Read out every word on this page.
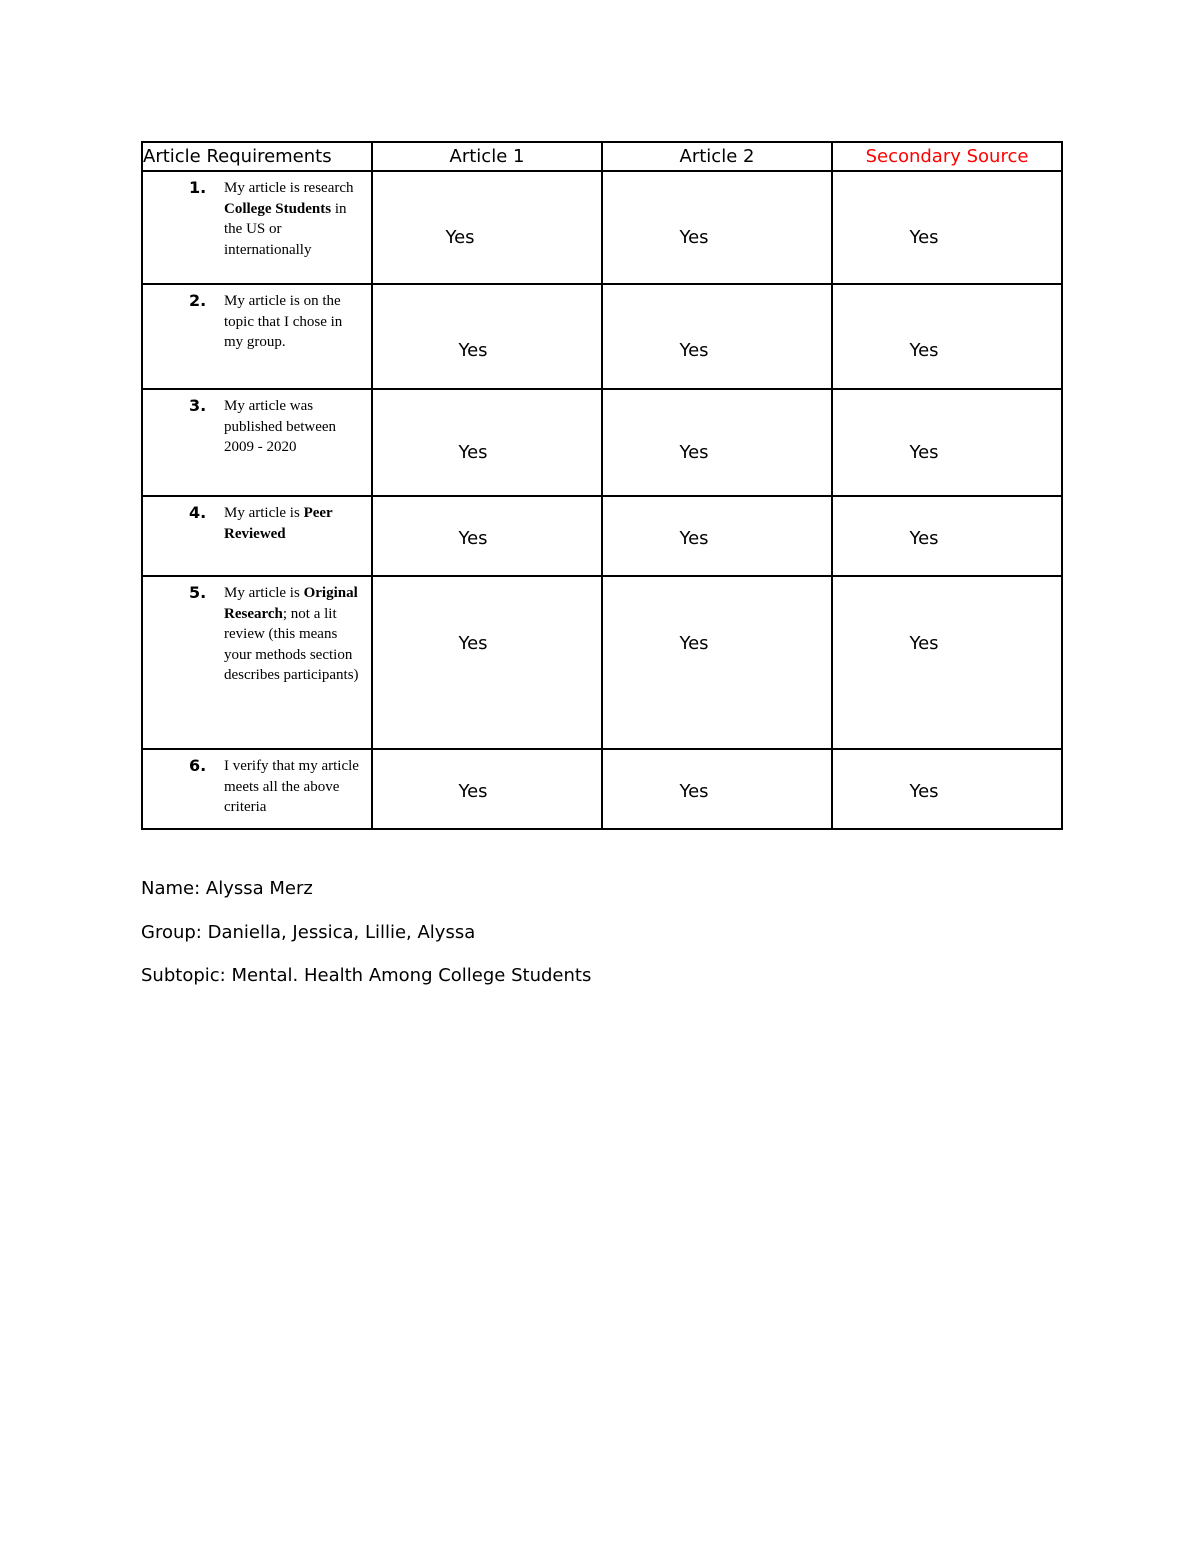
Article Requirements	Article 1	Article 2	Secondary Source

1. My article is research College Students in the US or internationally	Yes	Yes	Yes

2. My article is on the topic that I chose in my group.	Yes	Yes	Yes

3. My article was published between 2009 - 2020	Yes	Yes	Yes

4. My article is Peer Reviewed	Yes	Yes	Yes

5. My article is Original Research; not a lit review (this means your methods section describes participants)	Yes	Yes	Yes

6. I verify that my article meets all the above criteria	Yes	Yes	Yes
Name: Alyssa Merz
Group: Daniella, Jessica, Lillie, Alyssa
Subtopic: Mental. Health Among College Students
